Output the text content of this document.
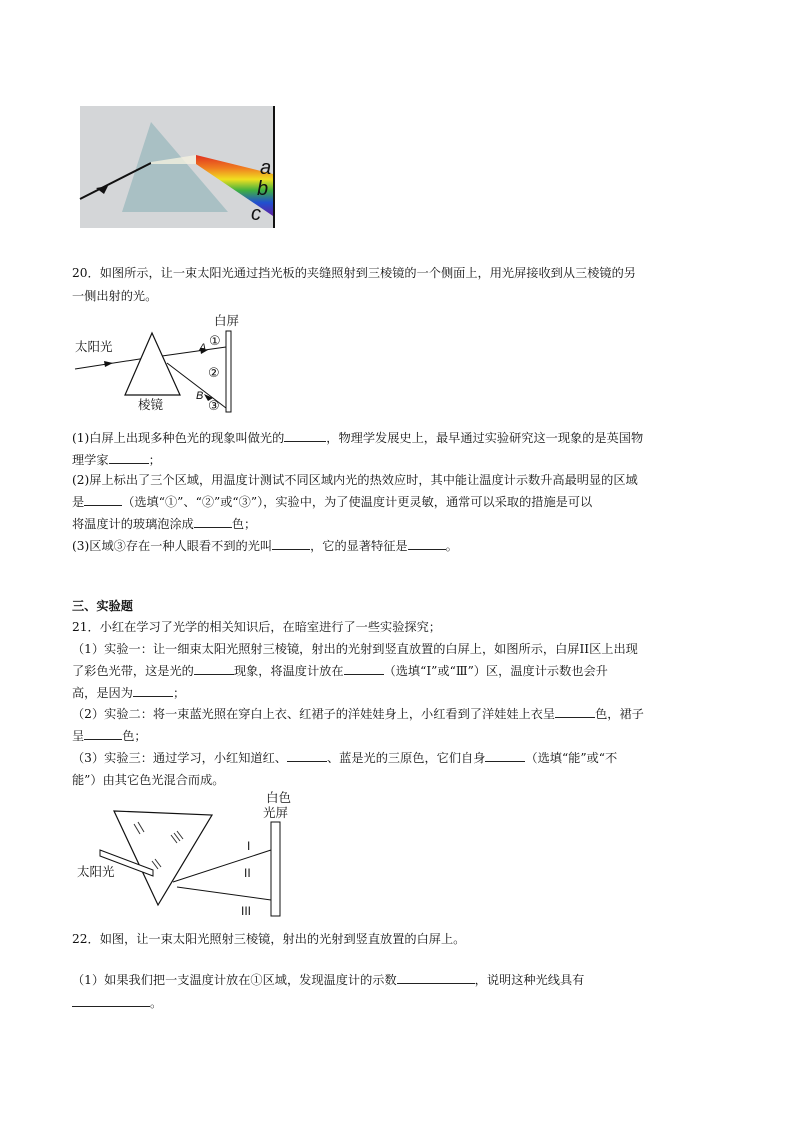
a
b
c
20．如图所示，让一束太阳光通过挡光板的夹缝照射到三棱镜的一个侧面上，用光屏接收到从三棱镜的另
一侧出射的光。
白屏
太阳光
棱镜
A
B
①
②
③
(1)白屏上出现多种色光的现象叫做光的	，物理学发展史上，最早通过实验研究这一现象的是英国物
理学家	；
(2)屏上标出了三个区域，用温度计测试不同区域内光的热效应时，其中能让温度计示数升高最明显的区域
是	（选填“①”、“②”或“③”），实验中，为了使温度计更灵敏，通常可以采取的措施是可以
将温度计的玻璃泡涂成	色；
(3)区域③存在一种人眼看不到的光叫	，它的显著特征是	。
三、实验题
21．小红在学习了光学的相关知识后，在暗室进行了一些实验探究；
（1）实验一：让一细束太阳光照射三棱镜，射出的光射到竖直放置的白屏上，如图所示，白屏II区上出现
了彩色光带，这是光的	现象，将温度计放在	（选填“Ⅰ”或“Ⅲ”）区，温度计示数也会升
高，是因为	；
（2）实验二：将一束蓝光照在穿白上衣、红裙子的洋娃娃身上，小红看到了洋娃娃上衣呈	色，裙子
呈	色；
（3）实验三：通过学习，小红知道红、	、蓝是光的三原色，它们自身	（选填“能”或“不
能”）由其它色光混合而成。
白色
光屏
太阳光
I
II
III
22．如图，让一束太阳光照射三棱镜，射出的光射到竖直放置的白屏上。
（1）如果我们把一支温度计放在①区域，发现温度计的示数	，说明这种光线具有
。
